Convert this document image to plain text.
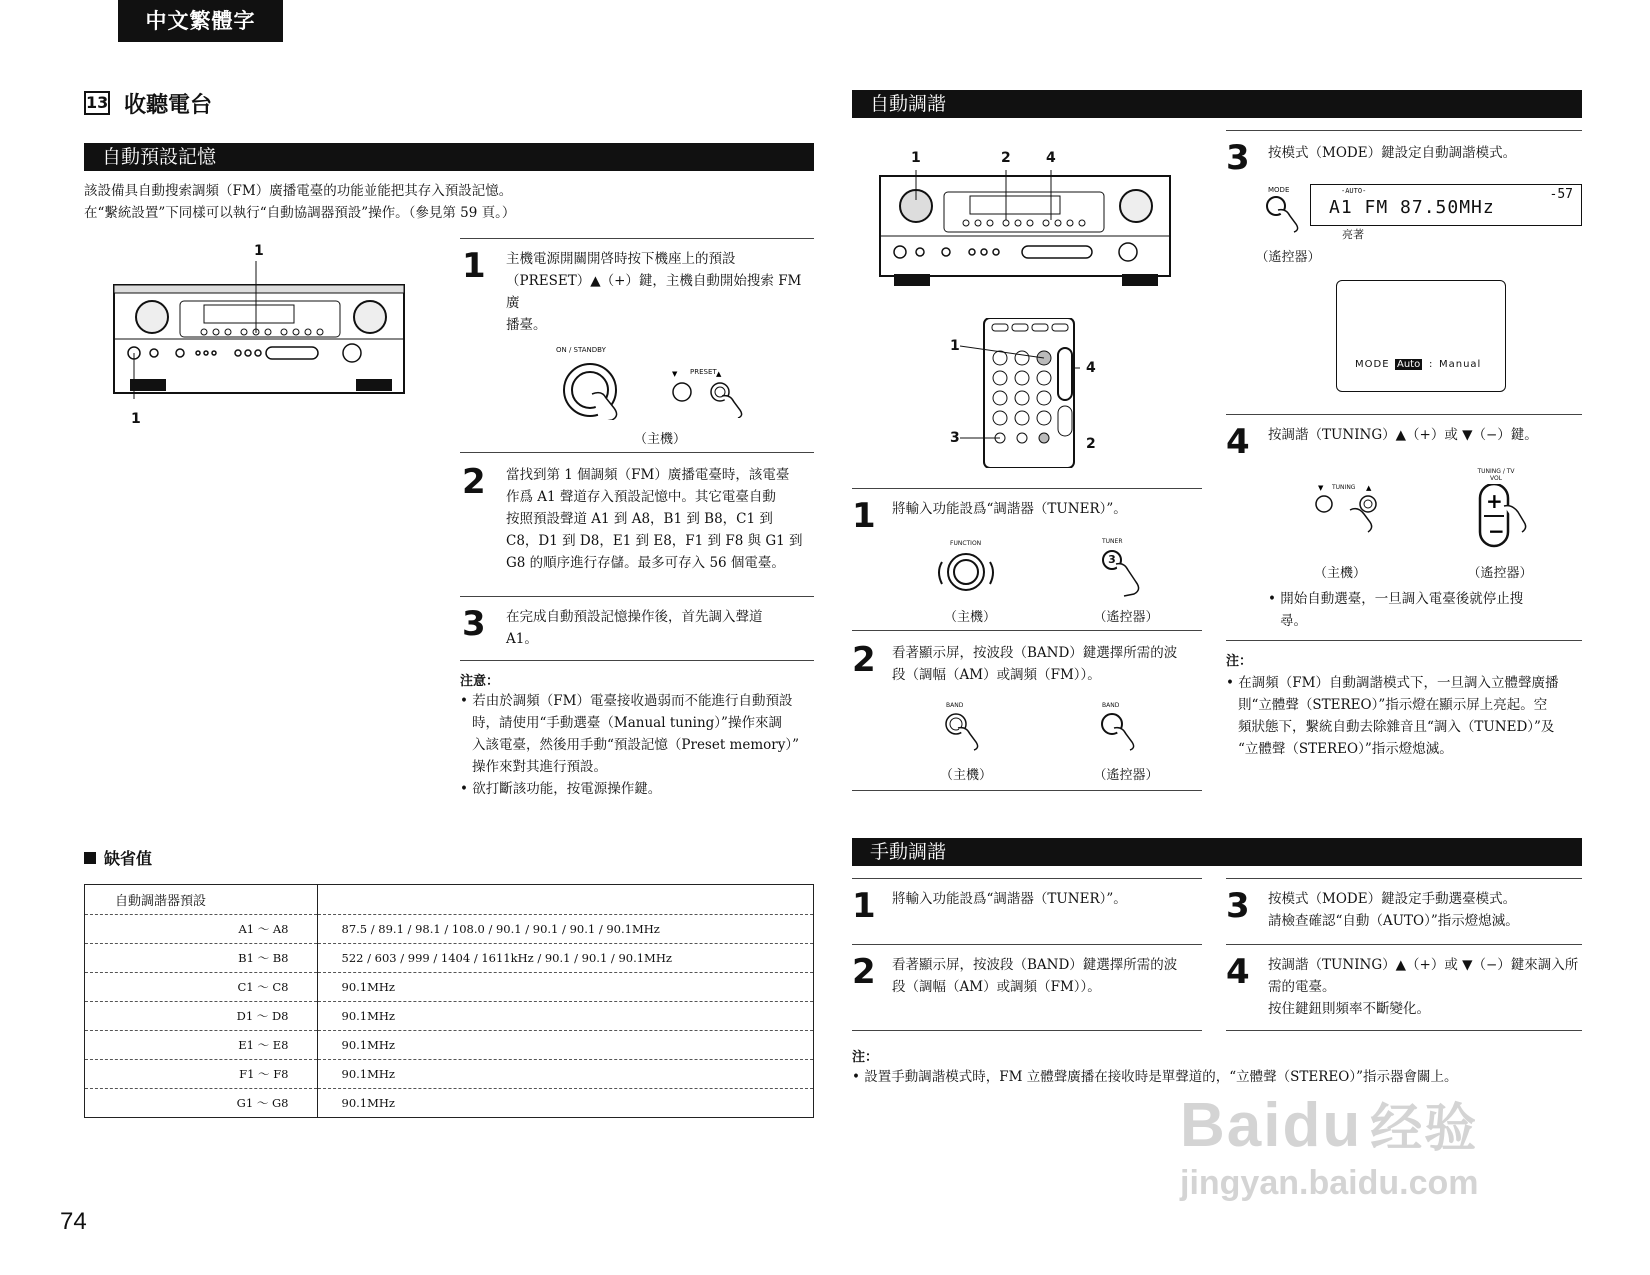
中文繁體字
13 收聽電台
自動預設記憶
該設備具自動搜索調頻（FM）廣播電臺的功能並能把其存入預設記憶。
在“繫統設置”下同樣可以執行“自動協調器預設”操作。（參見第 59 頁。）
1
1
1 主機電源開關開啓時按下機座上的預設
（PRESET）▲（+）鍵，主機自動開始搜索 FM 廣
播臺。
ON / STANDBY
PRESET
▼	▲
（主機）
2 當找到第 1 個調頻（FM）廣播電臺時，該電臺
作爲 A1 聲道存入預設記憶中。其它電臺自動
按照預設聲道 A1 到 A8，B1 到 B8，C1 到
C8，D1 到 D8，E1 到 E8，F1 到 F8 與 G1 到
G8 的順序進行存儲。最多可存入 56 個電臺。
3 在完成自動預設記憶操作後，首先調入聲道
A1。
注意：
• 若由於調頻（FM）電臺接收過弱而不能進行自動預設
時，請使用“手動選臺（Manual tuning）”操作來調
入該電臺，然後用手動“預設記憶（Preset memory）”
操作來對其進行預設。
• 欲打斷該功能，按電源操作鍵。
缺省值
自動調諧器預設	
A1 ～ A8	87.5 / 89.1 / 98.1 / 108.0 / 90.1 / 90.1 / 90.1 / 90.1MHz
B1 ～ B8	522 / 603 / 999 / 1404 / 1611kHz / 90.1 / 90.1 / 90.1MHz
C1 ～ C8	90.1MHz
D1 ～ D8	90.1MHz
E1 ～ E8	90.1MHz
F1 ～ F8	90.1MHz
G1 ～ G8	90.1MHz
自動調諧
1	2	4
1
3
4
2
1 將輸入功能設爲“調諧器（TUNER）”。
FUNCTION
（主機）
TUNER
3
（遙控器）
2 看著顯示屏，按波段（BAND）鍵選擇所需的波
段（調幅（AM）或調頻（FM））。
BAND
（主機）
BAND
（遙控器）
3 按模式（MODE）鍵設定自動調諧模式。
MODE
（遙控器）
-AUTO-
A1 FM 87.50MHz
-57
亮著
MODE Auto : Manual
4 按調諧（TUNING）▲（+）或 ▼（−）鍵。
TUNING
▼	▲
（主機）
TUNING / TV VOL
+
−
（遙控器）
• 開始自動選臺，一旦調入電臺後就停止搜
尋。
注：
• 在調頻（FM）自動調諧模式下，一旦調入立體聲廣播
則“立體聲（STEREO）”指示燈在顯示屏上亮起。空
頻狀態下，繫統自動去除雜音且“調入（TUNED）”及
“立體聲（STEREO）”指示燈熄滅。
手動調諧
1 將輸入功能設爲“調諧器（TUNER）”。
2 看著顯示屏，按波段（BAND）鍵選擇所需的波
段（調幅（AM）或調頻（FM））。
3 按模式（MODE）鍵設定手動選臺模式。
請檢查確認“自動（AUTO）”指示燈熄滅。
4 按調諧（TUNING）▲（+）或 ▼（−）鍵來調入所
需的電臺。
按住鍵鈕則頻率不斷變化。
注：
• 設置手動調諧模式時，FM 立體聲廣播在接收時是單聲道的，“立體聲（STEREO）”指示器會關上。
74
Baidu 经验
jingyan.baidu.com
